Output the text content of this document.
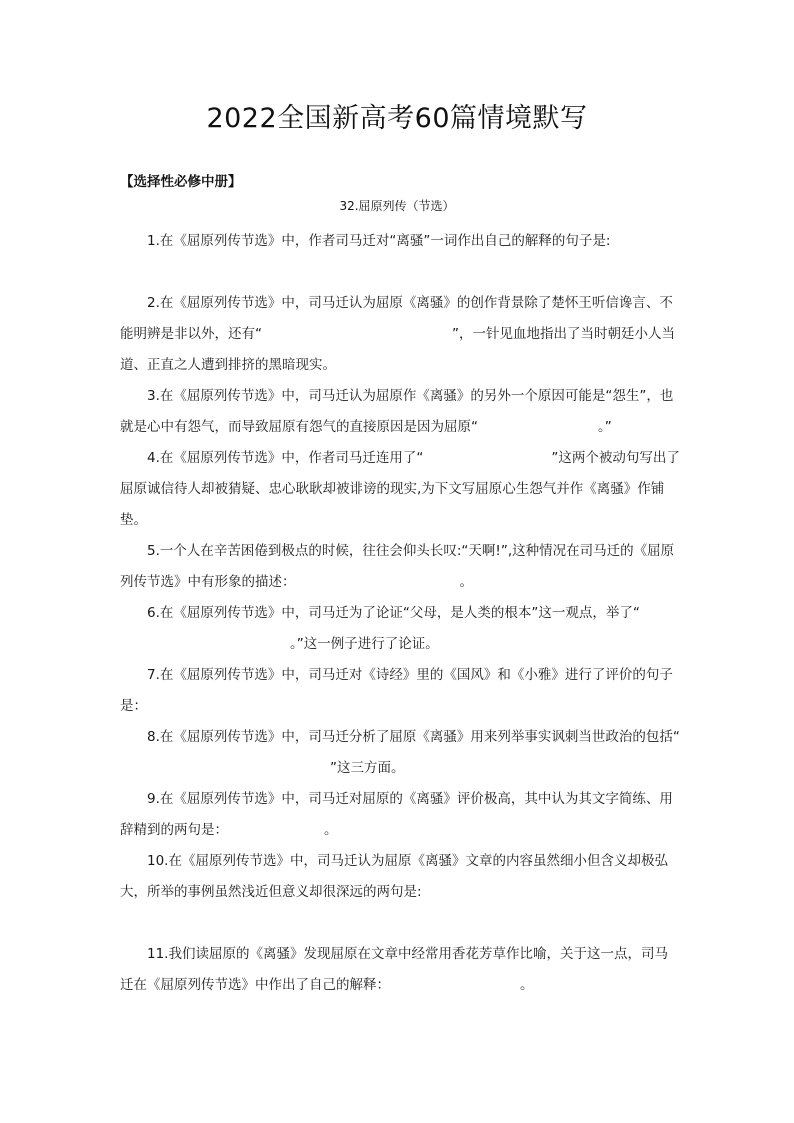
2022全国新高考60篇情境默写
【选择性必修中册】
32.屈原列传（节选）
1.在《屈原列传节选》中，作者司马迁对“离骚”一词作出自己的解释的句子是:
2.在《屈原列传节选》中，司马迁认为屈原《离骚》的创作背景除了楚怀王听信谗言、不能明辨是非以外，还有“	”，一针见血地指出了当时朝廷小人当道、正直之人遭到排挤的黑暗现实。
3.在《屈原列传节选》中，司马迁认为屈原作《离骚》的另外一个原因可能是“怨生”，也就是心中有怨气，而导致屈原有怨气的直接原因是因为屈原“	。”
4.在《屈原列传节选》中，作者司马迁连用了“	”这两个被动句写出了屈原诚信待人却被猜疑、忠心耿耿却被诽谤的现实,为下文写屈原心生怨气并作《离骚》作铺垫。
5.一个人在辛苦困倦到极点的时候，往往会仰头长叹:“天啊!”,这种情况在司马迁的《屈原列传节选》中有形象的描述：	。
6.在《屈原列传节选》中，司马迁为了论证“父母，是人类的根本”这一观点，举了“。”这一例子进行了论证。
7.在《屈原列传节选》中，司马迁对《诗经》里的《国风》和《小雅》进行了评价的句子是：
8.在《屈原列传节选》中，司马迁分析了屈原《离骚》用来列举事实讽刺当世政治的包括“”这三方面。
9.在《屈原列传节选》中，司马迁对屈原的《离骚》评价极高，其中认为其文字简练、用辞精到的两句是：	。
10.在《屈原列传节选》中，司马迁认为屈原《离骚》文章的内容虽然细小但含义却极弘大，所举的事例虽然浅近但意义却很深远的两句是:
11.我们读屈原的《离骚》发现屈原在文章中经常用香花芳草作比喻，关于这一点，司马迁在《屈原列传节选》中作出了自己的解释：	。
